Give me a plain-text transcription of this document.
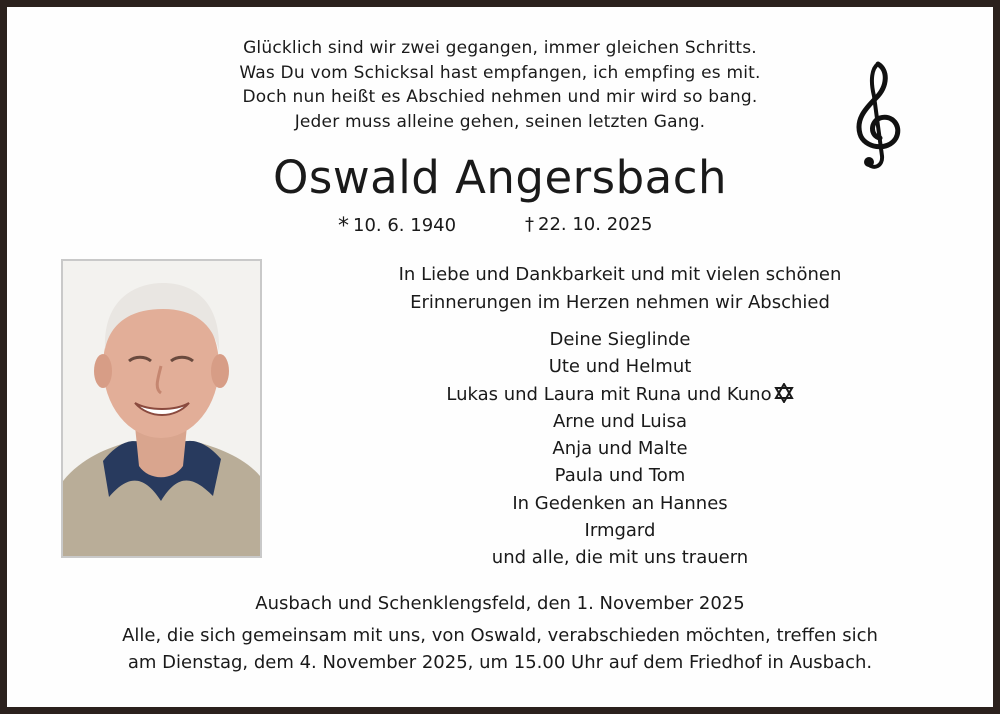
Glücklich sind wir zwei gegangen, immer gleichen Schritts.
Was Du vom Schicksal hast empfangen, ich empfing es mit.
Doch nun heißt es Abschied nehmen und mir wird so bang.
Jeder muss alleine gehen, seinen letzten Gang.
Oswald Angersbach
* 10. 6. 1940	† 22. 10. 2025
In Liebe und Dankbarkeit und mit vielen schönen
Erinnerungen im Herzen nehmen wir Abschied
Deine Sieglinde
Ute und Helmut
Lukas und Laura mit Runa und Kuno
Arne und Luisa
Anja und Malte
Paula und Tom
In Gedenken an Hannes
Irmgard
und alle, die mit uns trauern
Ausbach und Schenklengsfeld, den 1. November 2025
Alle, die sich gemeinsam mit uns, von Oswald, verabschieden möchten, treffen sich
am Dienstag, dem 4. November 2025, um 15.00 Uhr auf dem Friedhof in Ausbach.
